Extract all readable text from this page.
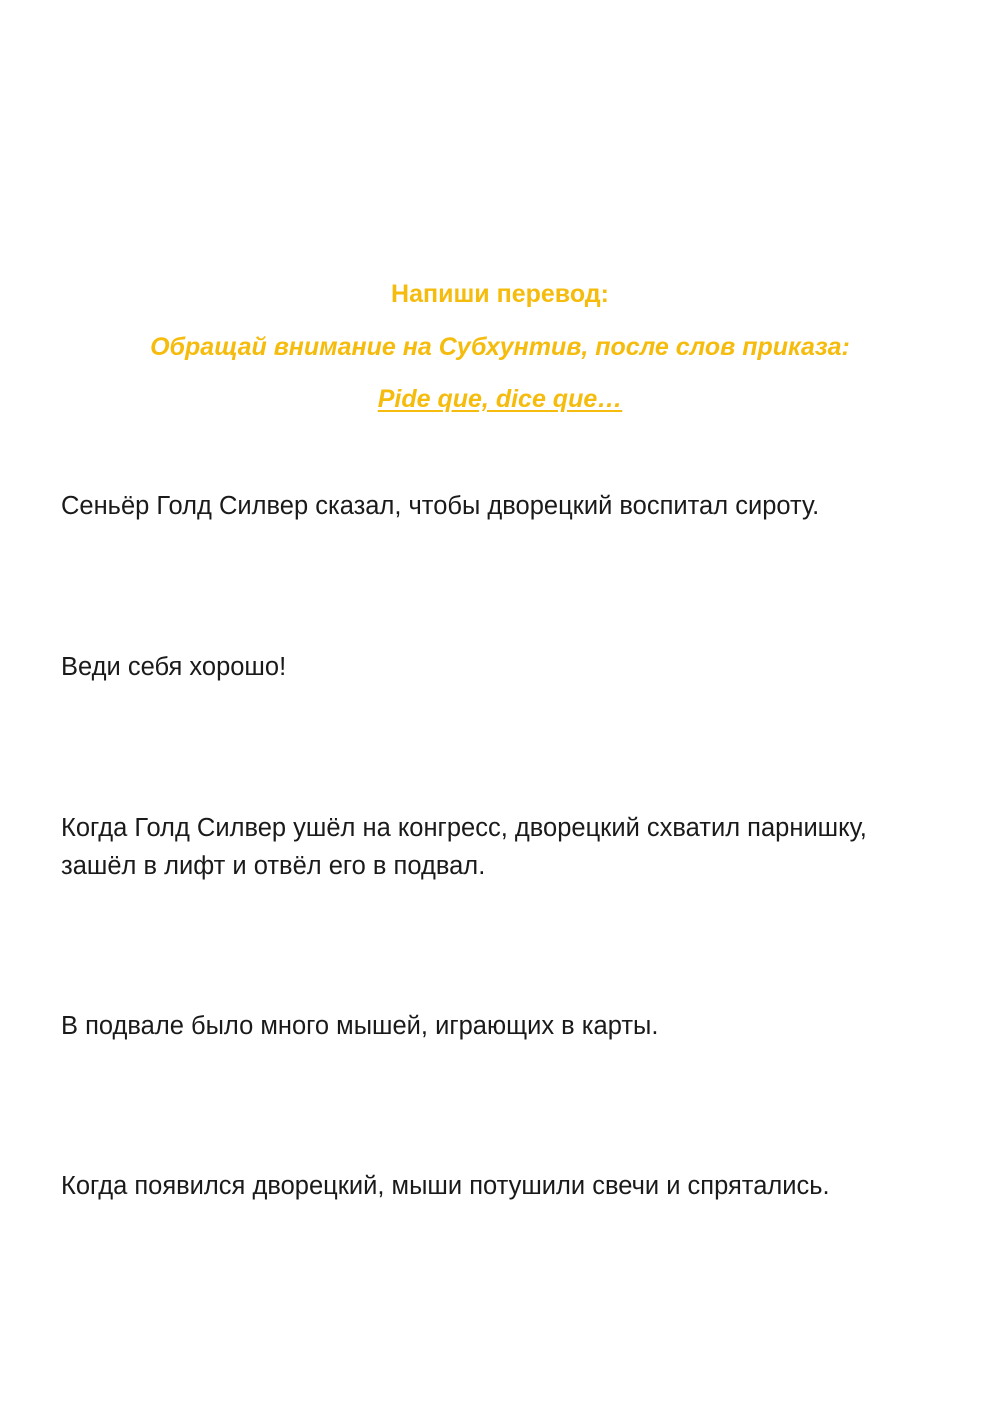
Напиши перевод:
Обращай внимание на Субхунтив, после слов приказа:
Pide que, dice que…
Сеньёр Голд Силвер сказал, чтобы дворецкий воспитал сироту.
Веди себя хорошо!
Когда Голд Силвер ушёл на конгресс, дворецкий схватил парнишку,
зашёл в лифт и отвёл его в подвал.
В подвале было много мышей, играющих в карты.
Когда появился дворецкий, мыши потушили свечи и спрятались.
